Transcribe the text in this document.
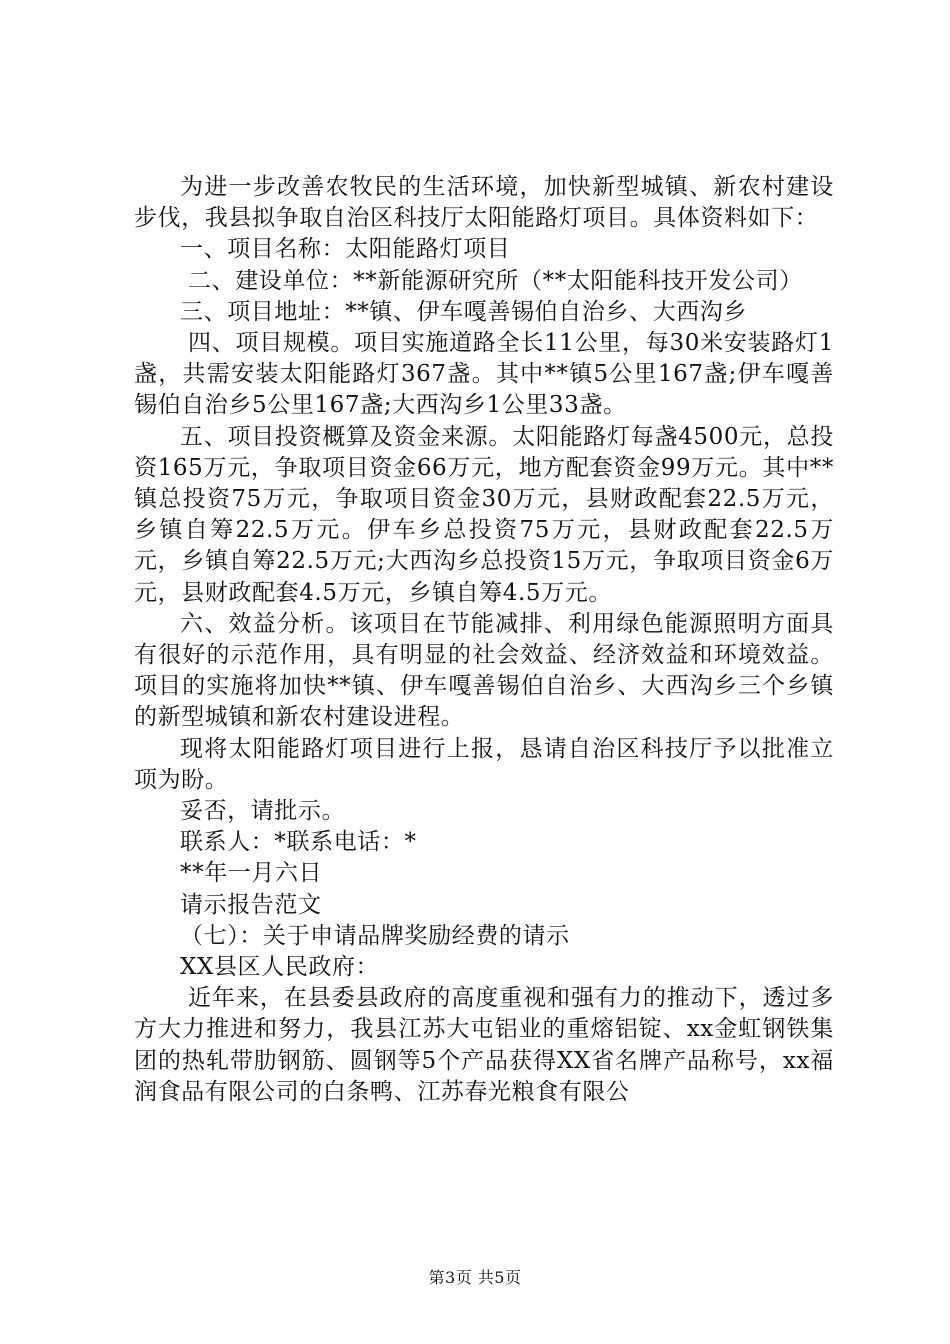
为进一步改善农牧民的生活环境，加快新型城镇、新农村建设步伐，我县拟争取自治区科技厅太阳能路灯项目。具体资料如下：

一、项目名称：太阳能路灯项目

二、建设单位：**新能源研究所（**太阳能科技开发公司）

三、项目地址：**镇、伊车嘎善锡伯自治乡、大西沟乡

四、项目规模。项目实施道路全长11公里，每30米安装路灯1盏，共需安装太阳能路灯367盏。其中**镇5公里167盏;伊车嘎善锡伯自治乡5公里167盏;大西沟乡1公里33盏。

五、项目投资概算及资金来源。太阳能路灯每盏4500元，总投资165万元，争取项目资金66万元，地方配套资金99万元。其中**镇总投资75万元，争取项目资金30万元，县财政配套22.5万元，乡镇自筹22.5万元。伊车乡总投资75万元，县财政配套22.5万元，乡镇自筹22.5万元;大西沟乡总投资15万元，争取项目资金6万元，县财政配套4.5万元，乡镇自筹4.5万元。

六、效益分析。该项目在节能减排、利用绿色能源照明方面具有很好的示范作用，具有明显的社会效益、经济效益和环境效益。项目的实施将加快**镇、伊车嘎善锡伯自治乡、大西沟乡三个乡镇的新型城镇和新农村建设进程。

现将太阳能路灯项目进行上报，恳请自治区科技厅予以批准立项为盼。

妥否，请批示。

联系人：*联系电话：*

**年一月六日

请示报告范文

（七）：关于申请品牌奖励经费的请示

XX县区人民政府：

近年来，在县委县政府的高度重视和强有力的推动下，透过多方大力推进和努力，我县江苏大屯铝业的重熔铝锭、xx金虹钢铁集团的热轧带肋钢筋、圆钢等5个产品获得XX省名牌产品称号，xx福润食品有限公司的白条鸭、江苏春光粮食有限公

第3页 共5页
